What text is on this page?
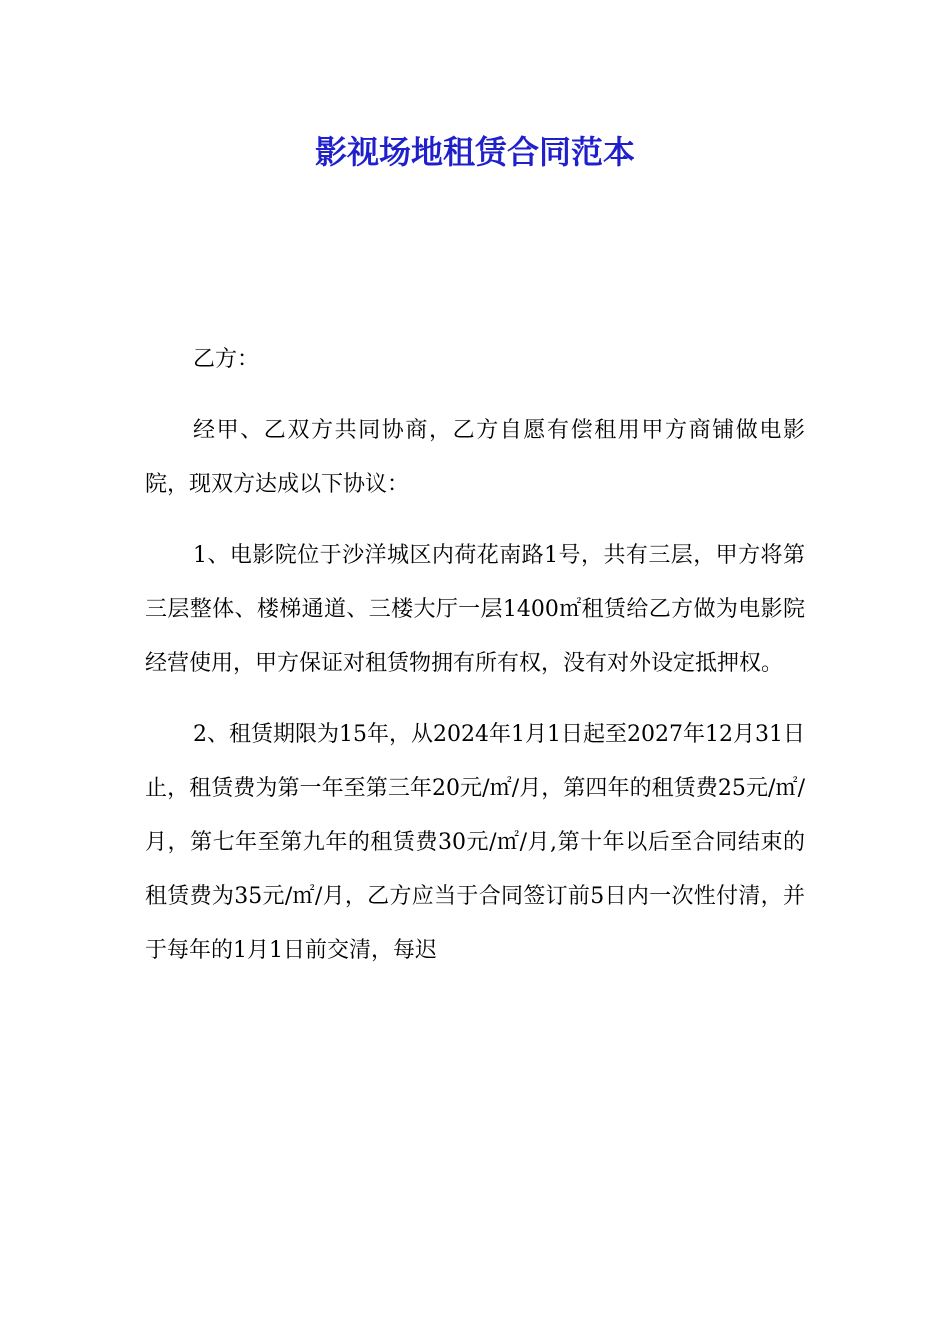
影视场地租赁合同范本

乙方：

经甲、乙双方共同协商，乙方自愿有偿租用甲方商铺做电影院，现双方达成以下协议：

1、电影院位于沙洋城区内荷花南路1号，共有三层，甲方将第三层整体、楼梯通道、三楼大厅一层1400㎡租赁给乙方做为电影院经营使用，甲方保证对租赁物拥有所有权，没有对外设定抵押权。

2、租赁期限为15年，从2024年1月1日起至2027年12月31日止，租赁费为第一年至第三年20元/㎡/月，第四年的租赁费25元/㎡/月，第七年至第九年的租赁费30元/㎡/月,第十年以后至合同结束的租赁费为35元/㎡/月，乙方应当于合同签订前5日内一次性付清，并于每年的1月1日前交清，每迟
